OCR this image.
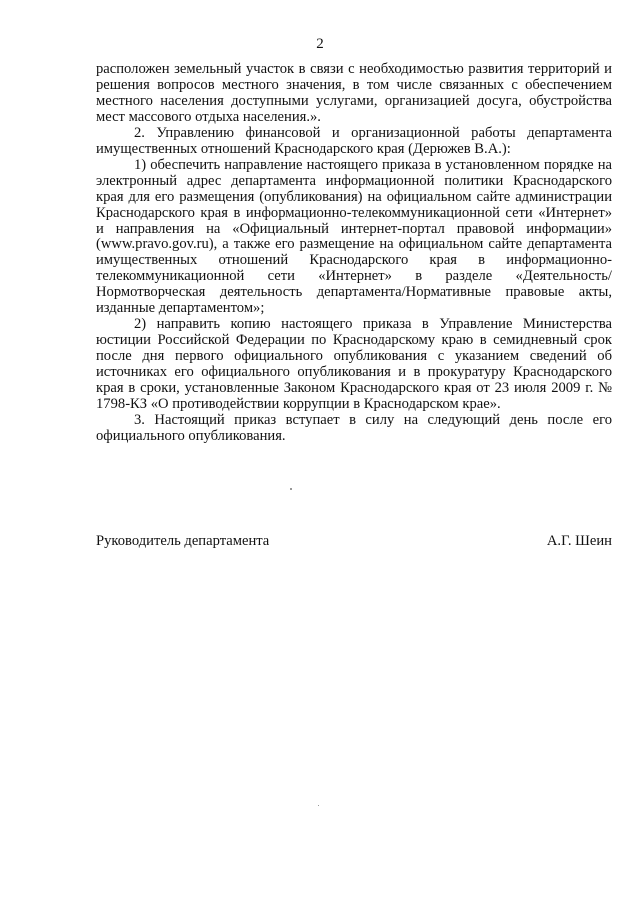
2

расположен земельный участок в связи с необходимостью развития территорий и решения вопросов местного значения, в том числе связанных с обеспечением местного населения доступными услугами, организацией досуга, обустройства мест массового отдыха населения.».

2. Управлению финансовой и организационной работы департамента имущественных отношений Краснодарского края (Дерюжев В.А.):

1) обеспечить направление настоящего приказа в установленном порядке на электронный адрес департамента информационной политики Краснодарского края для его размещения (опубликования) на официальном сайте администрации Краснодарского края в информационно-телекоммуникационной сети «Интернет» и направления на «Официальный интернет-портал правовой информации» (www.pravo.gov.ru), а также его размещение на официальном сайте департамента имущественных отношений Краснодарского края в информационно-телекоммуникационной сети «Интернет» в разделе «Деятельность/Нормотворческая деятельность департамента/Нормативные правовые акты, изданные департаментом»;

2) направить копию настоящего приказа в Управление Министерства юстиции Российской Федерации по Краснодарскому краю в семидневный срок после дня первого официального опубликования с указанием сведений об источниках его официального опубликования и в прокуратуру Краснодарского края в сроки, установленные Законом Краснодарского края от 23 июля 2009 г. № 1798-КЗ «О противодействии коррупции в Краснодарском крае».

3. Настоящий приказ вступает в силу на следующий день после его официального опубликования.

Руководитель департамента	А.Г. Шеин
